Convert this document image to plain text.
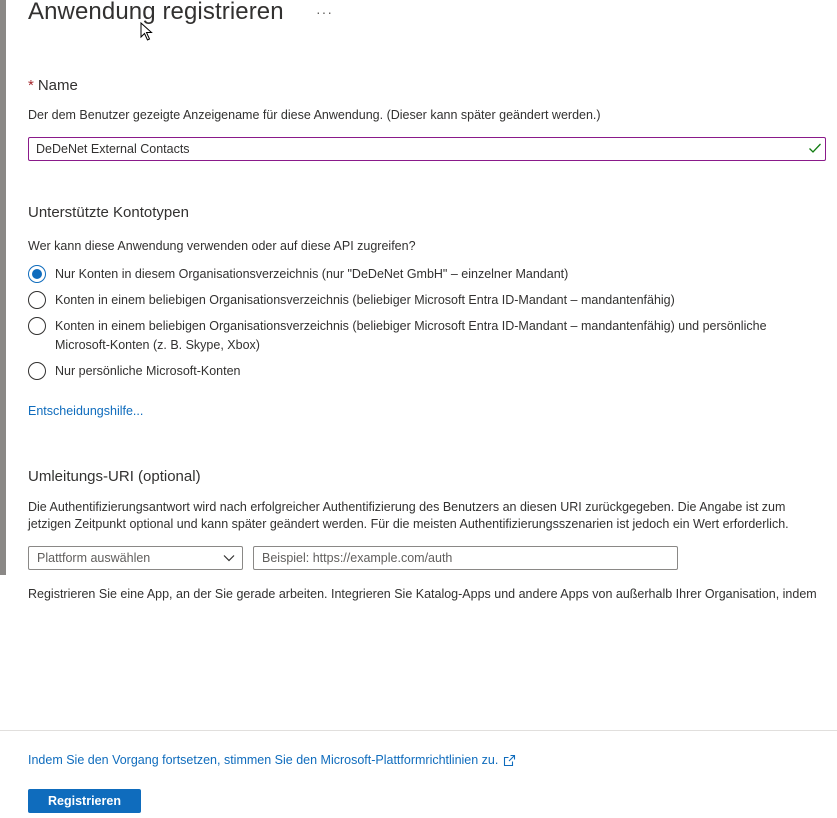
Anwendung registrieren ···
* Name
Der dem Benutzer gezeigte Anzeigename für diese Anwendung. (Dieser kann später geändert werden.)
DeDeNet External Contacts
Unterstützte Kontotypen
Wer kann diese Anwendung verwenden oder auf diese API zugreifen?
Nur Konten in diesem Organisationsverzeichnis (nur "DeDeNet GmbH" – einzelner Mandant)
Konten in einem beliebigen Organisationsverzeichnis (beliebiger Microsoft Entra ID-Mandant – mandantenfähig)
Konten in einem beliebigen Organisationsverzeichnis (beliebiger Microsoft Entra ID-Mandant – mandantenfähig) und persönliche Microsoft-Konten (z. B. Skype, Xbox)
Nur persönliche Microsoft-Konten
Entscheidungshilfe...
Umleitungs-URI (optional)
Die Authentifizierungsantwort wird nach erfolgreicher Authentifizierung des Benutzers an diesen URI zurückgegeben. Die Angabe ist zum jetzigen Zeitpunkt optional und kann später geändert werden. Für die meisten Authentifizierungsszenarien ist jedoch ein Wert erforderlich.
Plattform auswählen
Beispiel: https://example.com/auth
Registrieren Sie eine App, an der Sie gerade arbeiten. Integrieren Sie Katalog-Apps und andere Apps von außerhalb Ihrer Organisation, indem
Indem Sie den Vorgang fortsetzen, stimmen Sie den Microsoft-Plattformrichtlinien zu.
Registrieren
